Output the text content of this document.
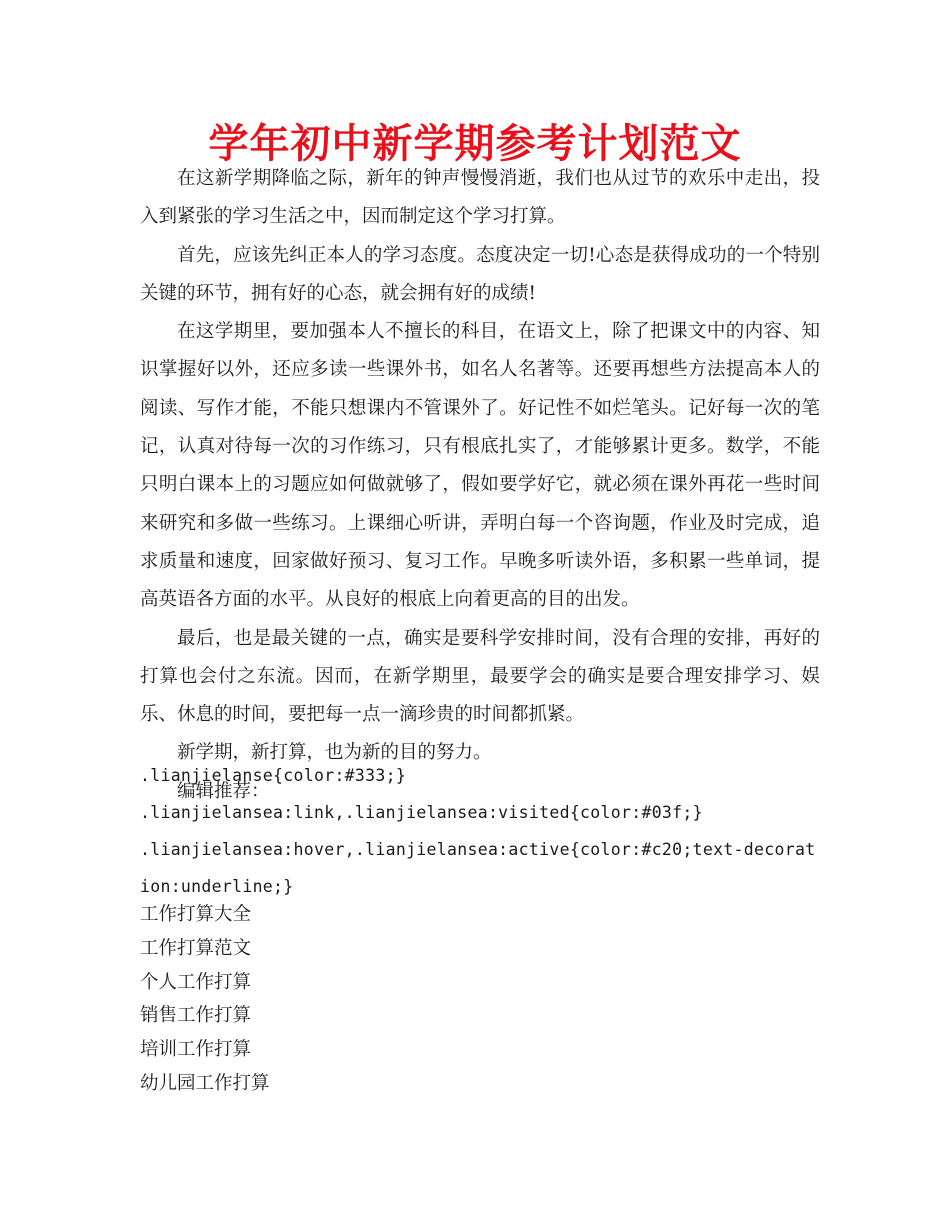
学年初中新学期参考计划范文

在这新学期降临之际，新年的钟声慢慢消逝，我们也从过节的欢乐中走出，投入到紧张的学习生活之中，因而制定这个学习打算。

首先，应该先纠正本人的学习态度。态度决定一切!心态是获得成功的一个特别关键的环节，拥有好的心态，就会拥有好的成绩!

在这学期里，要加强本人不擅长的科目，在语文上，除了把课文中的内容、知识掌握好以外，还应多读一些课外书，如名人名著等。还要再想些方法提高本人的阅读、写作才能，不能只想课内不管课外了。好记性不如烂笔头。记好每一次的笔记，认真对待每一次的习作练习，只有根底扎实了，才能够累计更多。数学，不能只明白课本上的习题应如何做就够了，假如要学好它，就必须在课外再花一些时间来研究和多做一些练习。上课细心听讲，弄明白每一个咨询题，作业及时完成，追求质量和速度，回家做好预习、复习工作。早晚多听读外语，多积累一些单词，提高英语各方面的水平。从良好的根底上向着更高的目的出发。

最后，也是最关键的一点，确实是要科学安排时间，没有合理的安排，再好的打算也会付之东流。因而，在新学期里，最要学会的确实是要合理安排学习、娱乐、休息的时间，要把每一点一滴珍贵的时间都抓紧。

新学期，新打算，也为新的目的努力。

编辑推荐：

.lianjielanse{color:#333;}

.lianjielansea:link,.lianjielansea:visited{color:#03f;}

.lianjielansea:hover,.lianjielansea:active{color:#c20;text-decoration:underline;}

工作打算大全

工作打算范文

个人工作打算

销售工作打算

培训工作打算

幼儿园工作打算
